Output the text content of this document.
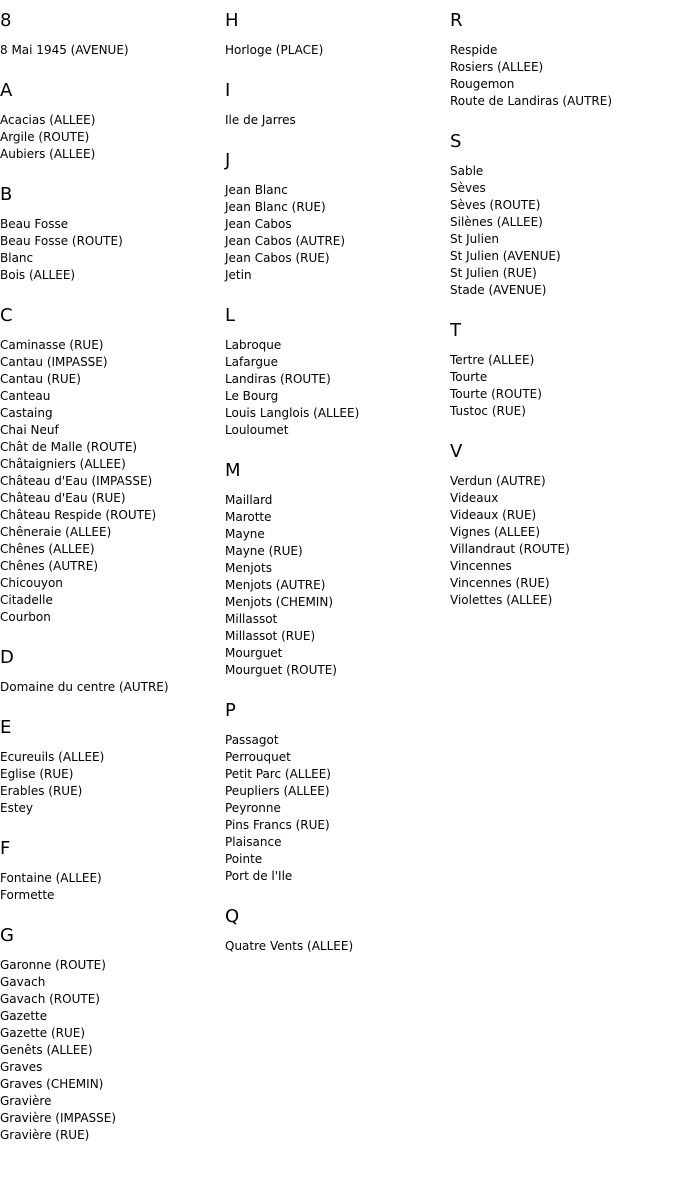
8
8 Mai 1945 (AVENUE)
A
Acacias (ALLEE)
Argile (ROUTE)
Aubiers (ALLEE)
B
Beau Fosse
Beau Fosse (ROUTE)
Blanc
Bois (ALLEE)
C
Caminasse (RUE)
Cantau (IMPASSE)
Cantau (RUE)
Canteau
Castaing
Chai Neuf
Chât de Malle (ROUTE)
Châtaigniers (ALLEE)
Château d'Eau (IMPASSE)
Château d'Eau (RUE)
Château Respide (ROUTE)
Chêneraie (ALLEE)
Chênes (ALLEE)
Chênes (AUTRE)
Chicouyon
Citadelle
Courbon
D
Domaine du centre (AUTRE)
E
Ecureuils (ALLEE)
Eglise (RUE)
Erables (RUE)
Estey
F
Fontaine (ALLEE)
Formette
G
Garonne (ROUTE)
Gavach
Gavach (ROUTE)
Gazette
Gazette (RUE)
Genêts (ALLEE)
Graves
Graves (CHEMIN)
Gravière
Gravière (IMPASSE)
Gravière (RUE)
H
Horloge (PLACE)
I
Ile de Jarres
J
Jean Blanc
Jean Blanc (RUE)
Jean Cabos
Jean Cabos (AUTRE)
Jean Cabos (RUE)
Jetin
L
Labroque
Lafargue
Landiras (ROUTE)
Le Bourg
Louis Langlois (ALLEE)
Louloumet
M
Maillard
Marotte
Mayne
Mayne (RUE)
Menjots
Menjots (AUTRE)
Menjots (CHEMIN)
Millassot
Millassot (RUE)
Mourguet
Mourguet (ROUTE)
P
Passagot
Perrouquet
Petit Parc (ALLEE)
Peupliers (ALLEE)
Peyronne
Pins Francs (RUE)
Plaisance
Pointe
Port de l'Ile
Q
Quatre Vents (ALLEE)
R
Respide
Rosiers (ALLEE)
Rougemon
Route de Landiras (AUTRE)
S
Sable
Sèves
Sèves (ROUTE)
Silènes (ALLEE)
St Julien
St Julien (AVENUE)
St Julien (RUE)
Stade (AVENUE)
T
Tertre (ALLEE)
Tourte
Tourte (ROUTE)
Tustoc (RUE)
V
Verdun (AUTRE)
Videaux
Videaux (RUE)
Vignes (ALLEE)
Villandraut (ROUTE)
Vincennes
Vincennes (RUE)
Violettes (ALLEE)
